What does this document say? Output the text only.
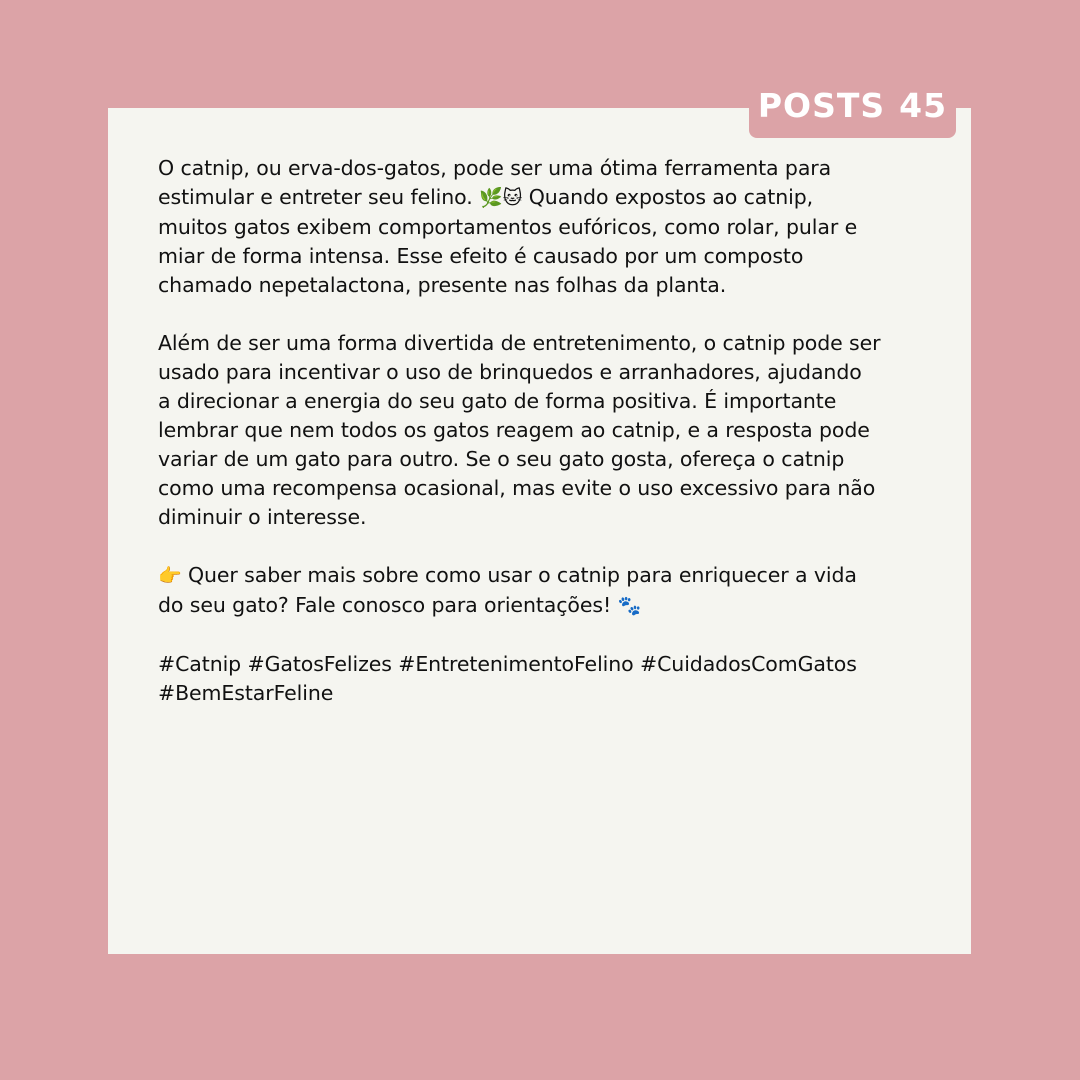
POSTS 45

O catnip, ou erva-dos-gatos, pode ser uma ótima ferramenta para
estimular e entreter seu felino. 🌿🐱 Quando expostos ao catnip,
muitos gatos exibem comportamentos eufóricos, como rolar, pular e
miar de forma intensa. Esse efeito é causado por um composto
chamado nepetalactona, presente nas folhas da planta.

Além de ser uma forma divertida de entretenimento, o catnip pode ser
usado para incentivar o uso de brinquedos e arranhadores, ajudando
a direcionar a energia do seu gato de forma positiva. É importante
lembrar que nem todos os gatos reagem ao catnip, e a resposta pode
variar de um gato para outro. Se o seu gato gosta, ofereça o catnip
como uma recompensa ocasional, mas evite o uso excessivo para não
diminuir o interesse.

👉 Quer saber mais sobre como usar o catnip para enriquecer a vida
do seu gato? Fale conosco para orientações! 🐾

#Catnip #GatosFelizes #EntretenimentoFelino #CuidadosComGatos
#BemEstarFeline
